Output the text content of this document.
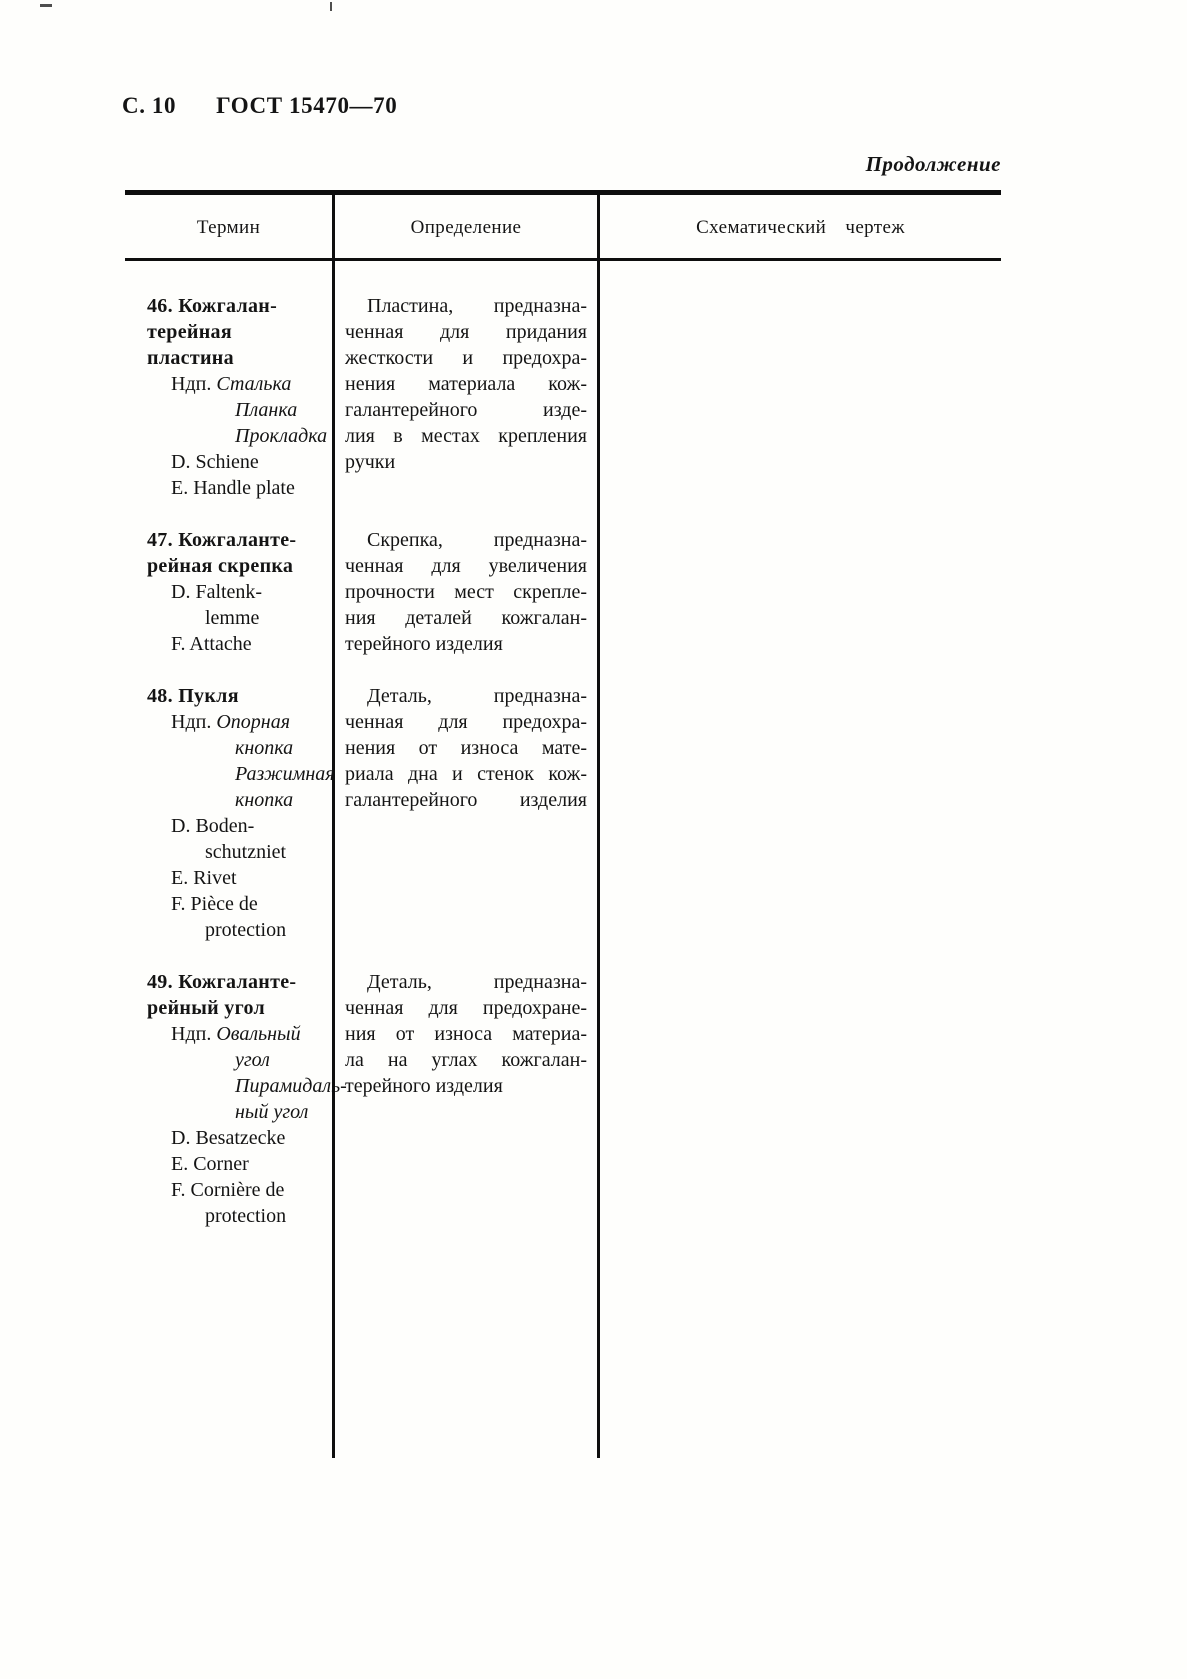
С. 10 ГОСТ 15470—70
Продолжение
Термин	Определение	Схематический чертеж
46. Кожгалан-
терейная
пластина
Ндп. Сталька
Планка
Прокладка
D. Schiene
E. Handle plate
Пластина, предназна-
ченная для придания
жесткости и предохра-
нения материала кож-
галантерейного изде-
лия в местах крепления
ручки
47. Кожгаланте-
рейная скрепка
D. Faltenk-
lemme
F. Attache
Скрепка, предназна-
ченная для увеличения
прочности мест скрепле-
ния деталей кожгалан-
терейного изделия
48. Пукля
Ндп. Опорная
кнопка
Разжимная
кнопка
D. Boden-
schutzniet
E. Rivet
F. Pièce de
protection
Деталь, предназна-
ченная для предохра-
нения от износа мате-
риала дна и стенок кож-
галантерейного изделия
49. Кожгаланте-
рейный угол
Ндп. Овальный
угол
Пирамидаль-
ный угол
D. Besatzecke
E. Corner
F. Cornière de
protection
Деталь, предназна-
ченная для предохране-
ния от износа материа-
ла на углах кожгалан-
терейного изделия
